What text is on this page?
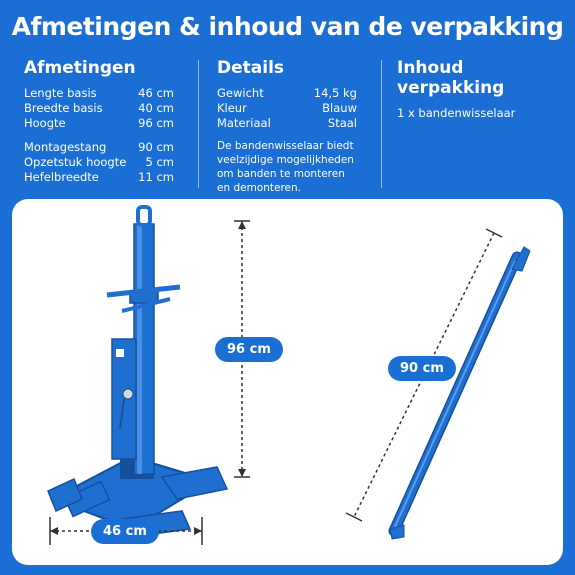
Afmetingen & inhoud van de verpakking
Afmetingen
Lengte basis	46 cm
Breedte basis	40 cm
Hoogte	96 cm
Montagestang	90 cm
Opzetstuk hoogte 5 cm
Hefelbreedte	11 cm
Details
Gewicht	14,5 kg
Kleur	Blauw
Materiaal	Staal

De bandenwisselaar biedt veelzijdige mogelijkheden om banden te monteren en demonteren.

Inhoud verpakking
1 x bandenwisselaar
96 cm
46 cm
90 cm
